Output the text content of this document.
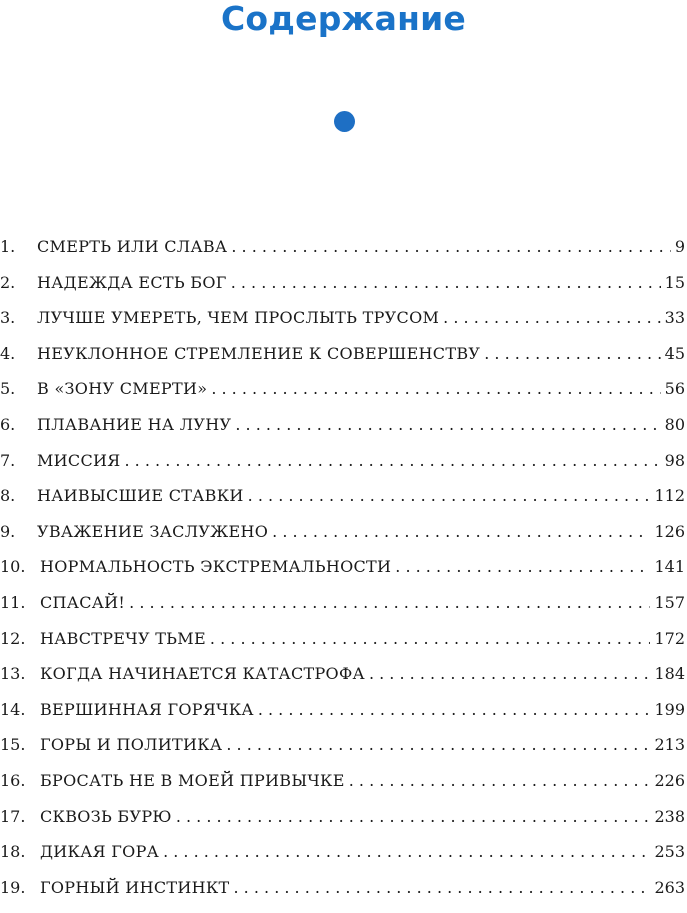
Содержание
1.	СМЕРТЬ ИЛИ СЛАВА . . .	9
2.	НАДЕЖДА ЕСТЬ БОГ . . .	15
3.	ЛУЧШЕ УМЕРЕТЬ, ЧЕМ ПРОСЛЫТЬ ТРУСОМ . . .	33
4.	НЕУКЛОННОЕ СТРЕМЛЕНИЕ К СОВЕРШЕНСТВУ . . .	45
5.	В «ЗОНУ СМЕРТИ» . . .	56
6.	ПЛАВАНИЕ НА ЛУНУ . . .	80
7.	МИССИЯ . . .	98
8.	НАИВЫСШИЕ СТАВКИ . . .	112
9.	УВАЖЕНИЕ ЗАСЛУЖЕНО . . .	126
10. НОРМАЛЬНОСТЬ ЭКСТРЕМАЛЬНОСТИ . . .	141
11. СПАСАЙ! . . .	157
12. НАВСТРЕЧУ ТЬМЕ . . .	172
13. КОГДА НАЧИНАЕТСЯ КАТАСТРОФА . . .	184
14. ВЕРШИННАЯ ГОРЯЧКА . . .	199
15. ГОРЫ И ПОЛИТИКА . . .	213
16. БРОСАТЬ НЕ В МОЕЙ ПРИВЫЧКЕ . . .	226
17. СКВОЗЬ БУРЮ . . .	238
18. ДИКАЯ ГОРА . . .	253
19. ГОРНЫЙ ИНСТИНКТ . . .	263
